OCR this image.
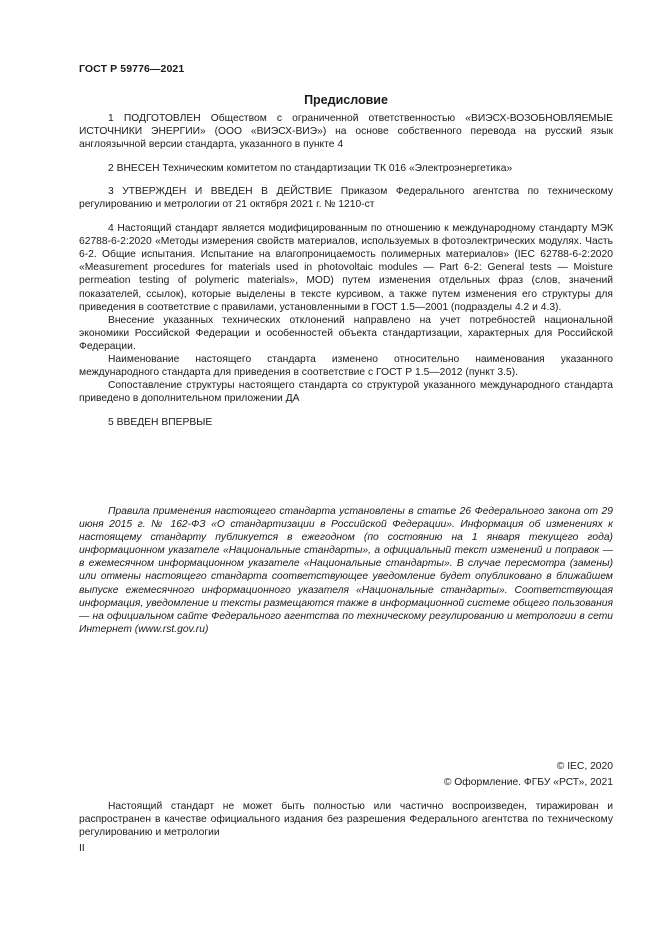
ГОСТ Р 59776—2021
Предисловие

1 ПОДГОТОВЛЕН Обществом с ограниченной ответственностью «ВИЭСХ-ВОЗОБНОВЛЯЕМЫЕ ИСТОЧНИКИ ЭНЕРГИИ» (ООО «ВИЭСХ-ВИЭ») на основе собственного перевода на русский язык англоязычной версии стандарта, указанного в пункте 4

2 ВНЕСЕН Техническим комитетом по стандартизации ТК 016 «Электроэнергетика»

3 УТВЕРЖДЕН И ВВЕДЕН В ДЕЙСТВИЕ Приказом Федерального агентства по техническому регулированию и метрологии от 21 октября 2021 г. № 1210-ст

4 Настоящий стандарт является модифицированным по отношению к международному стандарту МЭК 62788-6-2:2020 «Методы измерения свойств материалов, используемых в фотоэлектрических модулях. Часть 6-2. Общие испытания. Испытание на влагопроницаемость полимерных материалов» (IEC 62788-6-2:2020 «Measurement procedures for materials used in photovoltaic modules — Part 6-2: General tests — Moisture permeation testing of polymeric materials», MOD) путем изменения отдельных фраз (слов, значений показателей, ссылок), которые выделены в тексте курсивом, а также путем изменения его структуры для приведения в соответствие с правилами, установленными в ГОСТ 1.5—2001 (подразделы 4.2 и 4.3).

Внесение указанных технических отклонений направлено на учет потребностей национальной экономики Российской Федерации и особенностей объекта стандартизации, характерных для Российской Федерации.

Наименование настоящего стандарта изменено относительно наименования указанного международного стандарта для приведения в соответствие с ГОСТ Р 1.5—2012 (пункт 3.5).

Сопоставление структуры настоящего стандарта со структурой указанного международного стандарта приведено в дополнительном приложении ДА

5 ВВЕДЕН ВПЕРВЫЕ

Правила применения настоящего стандарта установлены в статье 26 Федерального закона от 29 июня 2015 г. № 162-ФЗ «О стандартизации в Российской Федерации». Информация об изменениях к настоящему стандарту публикуется в ежегодном (по состоянию на 1 января текущего года) информационном указателе «Национальные стандарты», а официальный текст изменений и поправок — в ежемесячном информационном указателе «Национальные стандарты». В случае пересмотра (замены) или отмены настоящего стандарта соответствующее уведомление будет опубликовано в ближайшем выпуске ежемесячного информационного указателя «Национальные стандарты». Соответствующая информация, уведомление и тексты размещаются также в информационной системе общего пользования — на официальном сайте Федерального агентства по техническому регулированию и метрологии в сети Интернет (www.rst.gov.ru)

© IEC, 2020
© Оформление. ФГБУ «РСТ», 2021

Настоящий стандарт не может быть полностью или частично воспроизведен, тиражирован и распространен в качестве официального издания без разрешения Федерального агентства по техническому регулированию и метрологии

II
